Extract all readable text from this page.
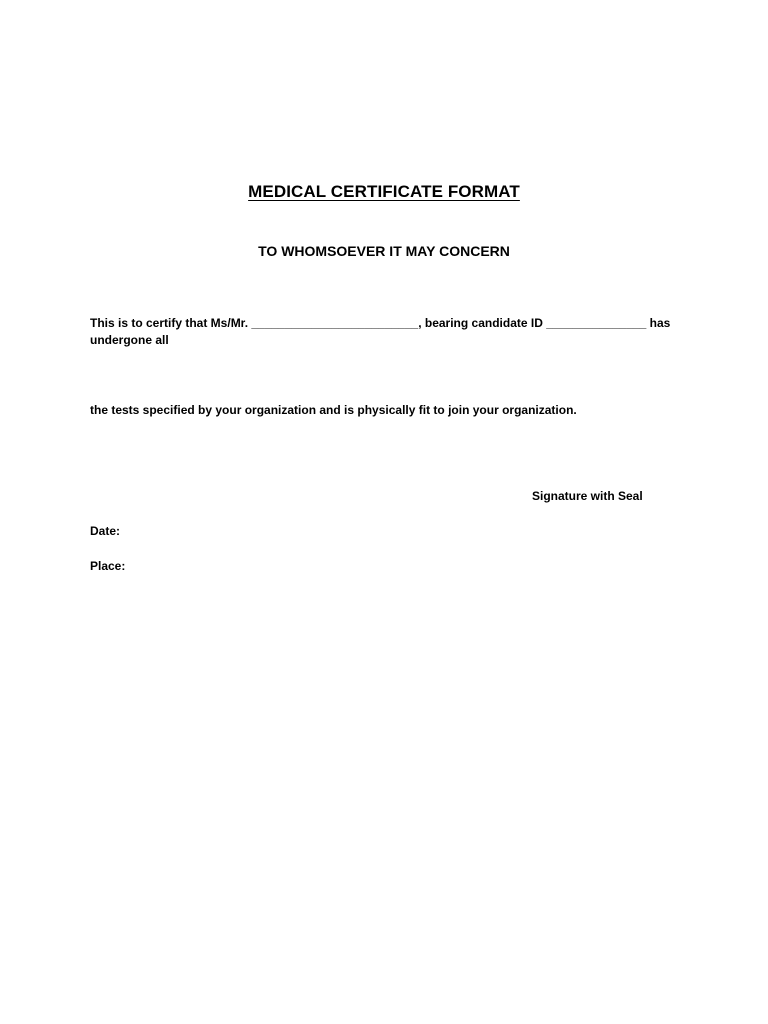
MEDICAL CERTIFICATE FORMAT
TO WHOMSOEVER IT MAY CONCERN
This is to certify that Ms/Mr. _________________________, bearing candidate ID _______________ has undergone all
the tests specified by your organization and is physically fit to join your organization.
Signature with Seal
Date:
Place:
